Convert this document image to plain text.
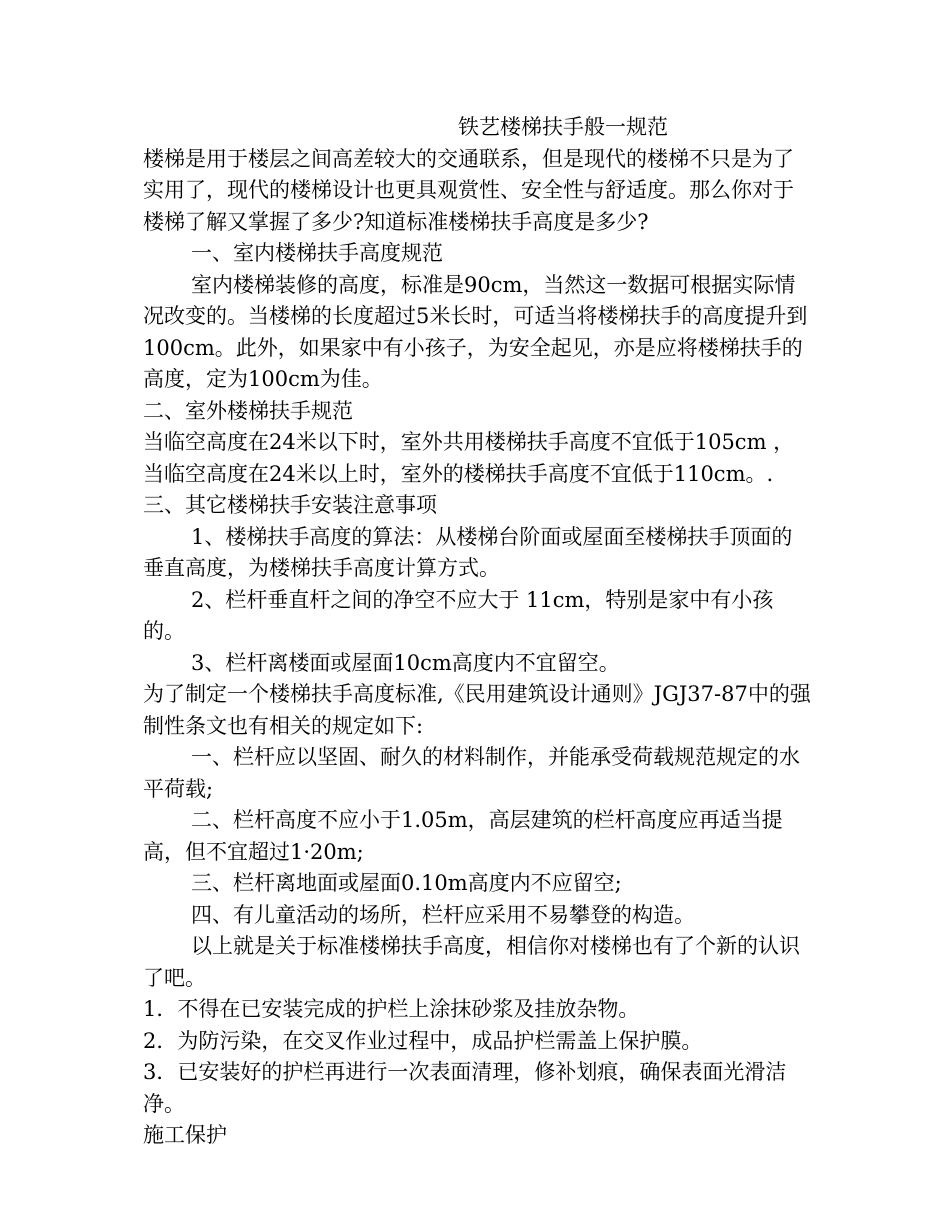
铁艺楼梯扶手般一规范

楼梯是用于楼层之间高差较大的交通联系，但是现代的楼梯不只是为了实用了，现代的楼梯设计也更具观赏性、安全性与舒适度。那么你对于楼梯了解又掌握了多少?知道标准楼梯扶手高度是多少?

一、室内楼梯扶手高度规范

室内楼梯装修的高度，标准是90cm，当然这一数据可根据实际情况改变的。当楼梯的长度超过5米长时，可适当将楼梯扶手的高度提升到100cm。此外，如果家中有小孩子，为安全起见，亦是应将楼梯扶手的高度，定为100cm为佳。

二、室外楼梯扶手规范

当临空高度在24米以下时，室外共用楼梯扶手高度不宜低于105cm ，当临空高度在24米以上时，室外的楼梯扶手高度不宜低于110cm。.

三、其它楼梯扶手安装注意事项

1、楼梯扶手高度的算法：从楼梯台阶面或屋面至楼梯扶手顶面的垂直高度，为楼梯扶手高度计算方式。

2、栏杆垂直杆之间的净空不应大于 11cm，特别是家中有小孩的。

3、栏杆离楼面或屋面10cm高度内不宜留空。

为了制定一个楼梯扶手高度标准,《民用建筑设计通则》JGJ37-87中的强制性条文也有相关的规定如下:

一、栏杆应以坚固、耐久的材料制作，并能承受荷载规范规定的水平荷载;

二、栏杆高度不应小于1.05m，高层建筑的栏杆高度应再适当提高，但不宜超过1·20m;

三、栏杆离地面或屋面0.10m高度内不应留空;

四、有儿童活动的场所，栏杆应采用不易攀登的构造。

以上就是关于标准楼梯扶手高度，相信你对楼梯也有了个新的认识了吧。

1．不得在已安装完成的护栏上涂抹砂浆及挂放杂物。

2．为防污染，在交叉作业过程中，成品护栏需盖上保护膜。

3．已安装好的护栏再进行一次表面清理，修补划痕，确保表面光滑洁净。

施工保护
